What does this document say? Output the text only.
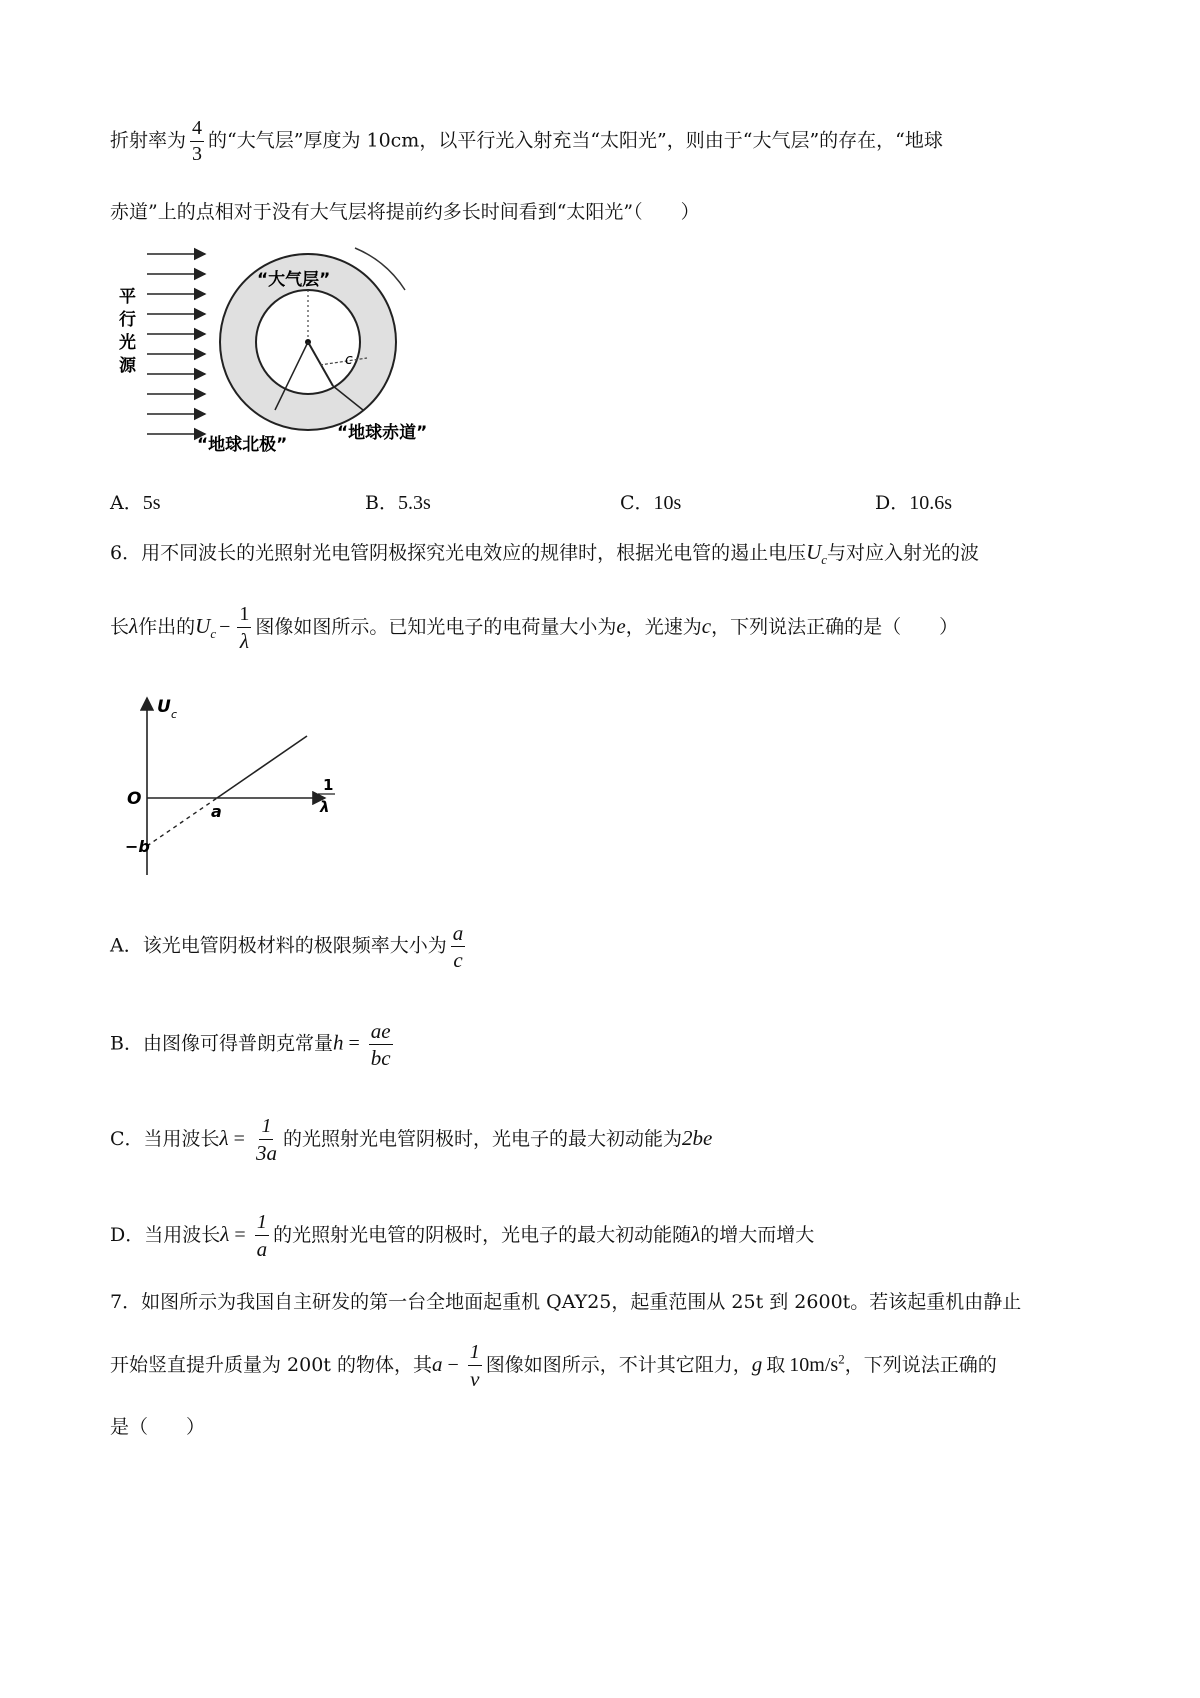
折射率为 $\frac{4}{3}$ 的“大气层”厚度为 10cm，以平行光入射充当“太阳光”，则由于“大气层”的存在，“地球
赤道”上的点相对于没有大气层将提前约多长时间看到“太阳光”（　　）
平
行
光
源	c
“大气层”
“地球北极”
“地球赤道”
A．5s	B．5.3s	C．10s	D．10.6s
6．用不同波长的光照射光电管阴极探究光电效应的规律时，根据光电管的遏止电压$U_c$与对应入射光的波
长λ作出的$U_c - \frac{1}{\lambda}$ 图像如图所示。已知光电子的电荷量大小为e，光速为c，下列说法正确的是（　　）
U c
O
a
−b
1
λ
A．该光电管阴极材料的极限频率大小为 $\frac{a}{c}$
B．由图像可得普朗克常量$h = \frac{ae}{bc}$
C．当用波长$\lambda = \frac{1}{3a}$ 的光照射光电管阴极时，光电子的最大初动能为2be
D．当用波长$\lambda = \frac{1}{a}$ 的光照射光电管的阴极时，光电子的最大初动能随λ的增大而增大
7．如图所示为我国自主研发的第一台全地面起重机 QAY25，起重范围从 25t 到 2600t。若该起重机由静止
开始竖直提升质量为 200t 的物体，其$a - \frac{1}{v}$ 图像如图所示，不计其它阻力，g 取 $10m/s^2$，下列说法正确的
是（　　）
